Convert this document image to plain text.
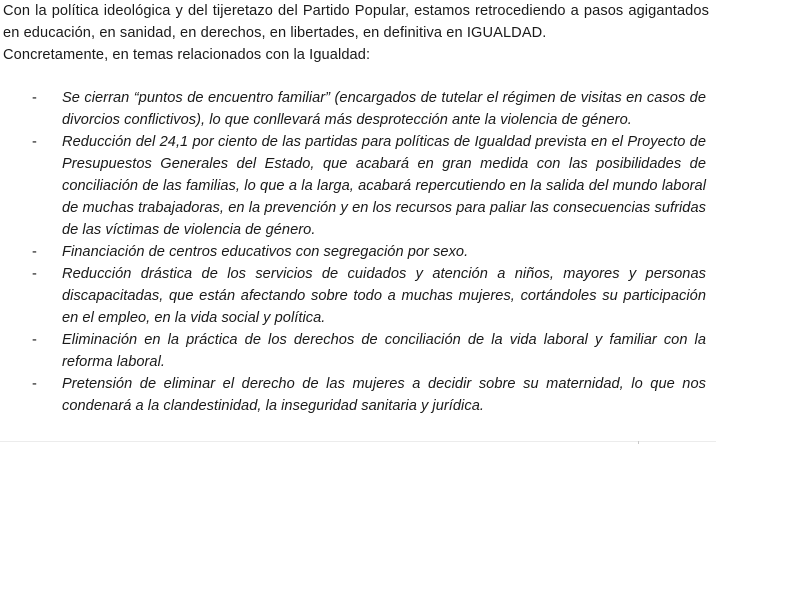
Con la política ideológica y del tijeretazo del Partido Popular, estamos retrocediendo a pasos agigantados en educación, en sanidad, en derechos, en libertades, en definitiva en IGUALDAD.

Concretamente, en temas relacionados con la Igualdad:

- Se cierran “puntos de encuentro familiar” (encargados de tutelar el régimen de visitas en casos de divorcios conflictivos), lo que conllevará más desprotección ante la violencia de género.
- Reducción del 24,1 por ciento de las partidas para políticas de Igualdad prevista en el Proyecto de Presupuestos Generales del Estado, que acabará en gran medida con las posibilidades de conciliación de las familias, lo que a la larga, acabará repercutiendo en la salida del mundo laboral de muchas trabajadoras, en la prevención y en los recursos para paliar las consecuencias sufridas de las víctimas de violencia de género.
- Financiación de centros educativos con segregación por sexo.
- Reducción drástica de los servicios de cuidados y atención a niños, mayores y personas discapacitadas, que están afectando sobre todo a muchas mujeres, cortándoles su participación en el empleo, en la vida social y política.
- Eliminación en la práctica de los derechos de conciliación de la vida laboral y familiar con la reforma laboral.
- Pretensión de eliminar el derecho de las mujeres a decidir sobre su maternidad, lo que nos condenará a la clandestinidad, la inseguridad sanitaria y jurídica.
